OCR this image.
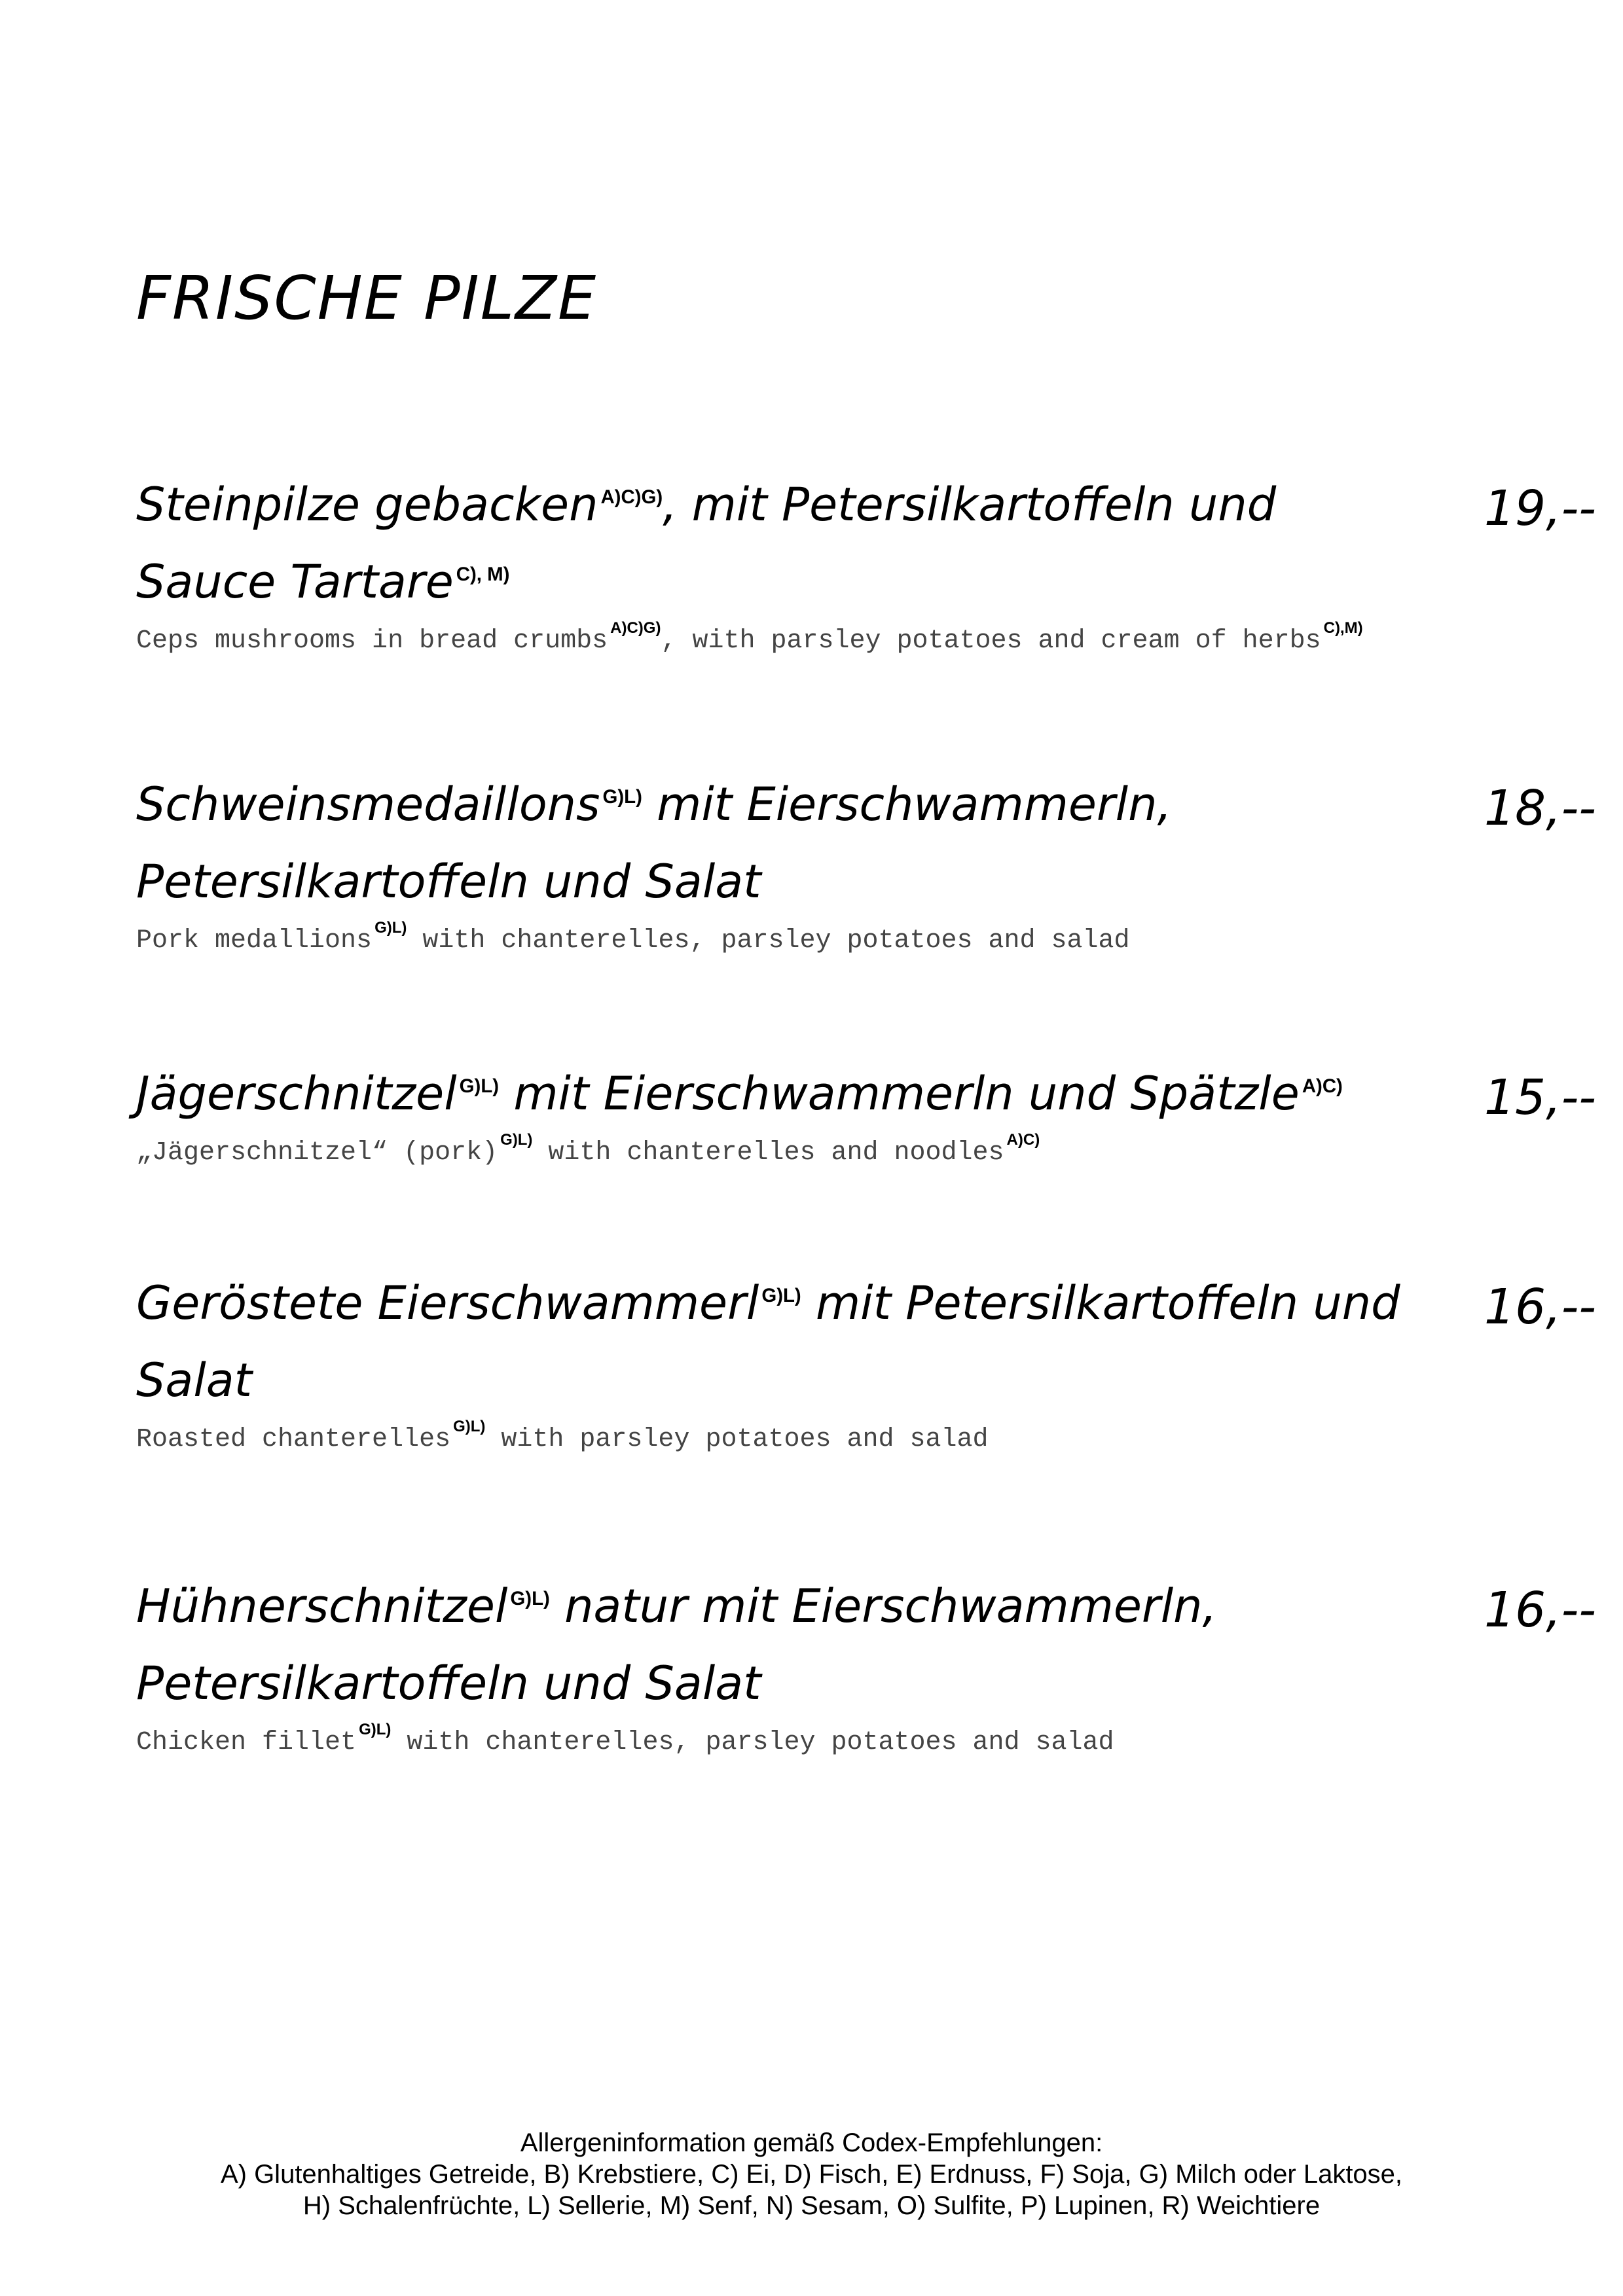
FRISCHE PILZE

Steinpilze gebacken $^{A)C)G)}$, mit Petersilkartoffeln und Sauce Tartare $^{C), M)}$

Ceps mushrooms in bread crumbs $^{A)C)G)}$, with parsley potatoes and cream of herbs $^{C),M)}$
19,--

Schweinsmedaillons $^{G)L)}$ mit Eierschwammerln, Petersilkartoffeln und Salat

Pork medallions $^{G)L)}$ with chanterelles, parsley potatoes and salad
18,--

Jägerschnitzel $^{G)L)}$ mit Eierschwammerln und Spätzle $^{A)C)}$

„Jägerschnitzel“ (pork) $^{G)L)}$ with chanterelles and noodles $^{A)C)}$
15,--

Geröstete Eierschwammerl $^{G)L)}$ mit Petersilkartoffeln und Salat

Roasted chanterelles $^{G)L)}$ with parsley potatoes and salad
16,--

Hühnerschnitzel $^{G)L)}$ natur mit Eierschwammerln, Petersilkartoffeln und Salat

Chicken fillet $^{G)L)}$ with chanterelles, parsley potatoes and salad
16,--
Allergeninformation gemäß Codex-Empfehlungen:
A) Glutenhaltiges Getreide, B) Krebstiere, C) Ei, D) Fisch, E) Erdnuss, F) Soja, G) Milch oder Laktose,
H) Schalenfrüchte, L) Sellerie, M) Senf, N) Sesam, O) Sulfite, P) Lupinen, R) Weichtiere
